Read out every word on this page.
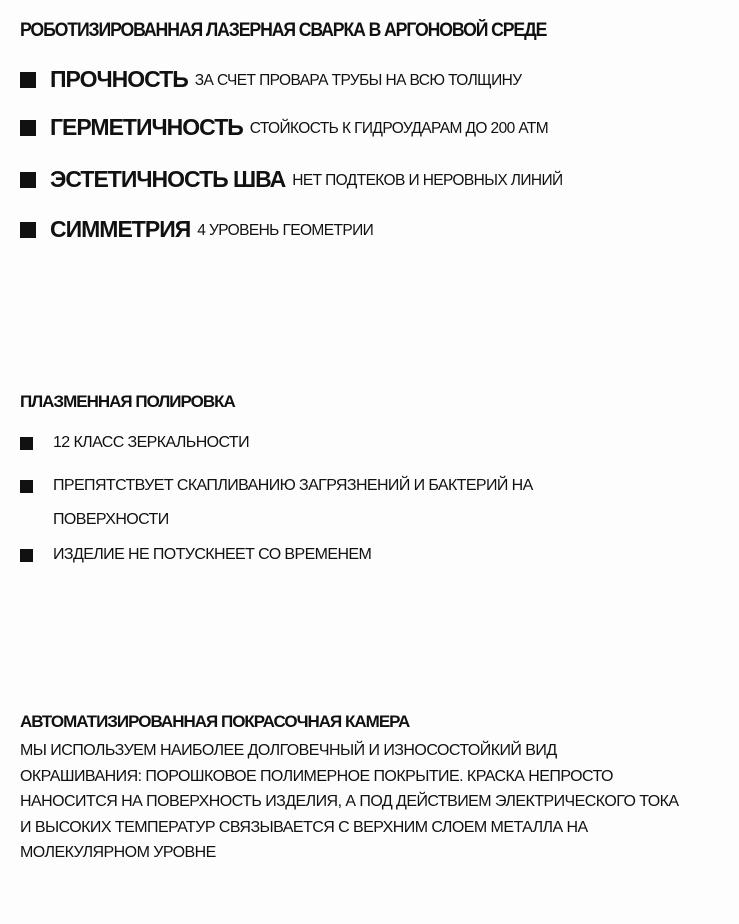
РОБОТИЗИРОВАННАЯ ЛАЗЕРНАЯ СВАРКА В АРГОНОВОЙ СРЕДЕ
ПРОЧНОСТЬ ЗА СЧЕТ ПРОВАРА ТРУБЫ НА ВСЮ ТОЛЩИНУ
ГЕРМЕТИЧНОСТЬ СТОЙКОСТЬ К ГИДРОУДАРАМ ДО 200 АТМ
ЭСТЕТИЧНОСТЬ ШВА НЕТ ПОДТЕКОВ И НЕРОВНЫХ ЛИНИЙ
СИММЕТРИЯ 4 УРОВЕНЬ ГЕОМЕТРИИ
ПЛАЗМЕННАЯ ПОЛИРОВКА
12 КЛАСС ЗЕРКАЛЬНОСТИ
ПРЕПЯТСТВУЕТ СКАПЛИВАНИЮ ЗАГРЯЗНЕНИЙ И БАКТЕРИЙ НА ПОВЕРХНОСТИ
ИЗДЕЛИЕ НЕ ПОТУСКНЕЕТ СО ВРЕМЕНЕМ
АВТОМАТИЗИРОВАННАЯ ПОКРАСОЧНАЯ КАМЕРА
МЫ ИСПОЛЬЗУЕМ НАИБОЛЕЕ ДОЛГОВЕЧНЫЙ И ИЗНОСОСТОЙКИЙ ВИД ОКРАШИВАНИЯ: ПОРОШКОВОЕ ПОЛИМЕРНОЕ ПОКРЫТИЕ. КРАСКА НЕПРОСТО НАНОСИТСЯ НА ПОВЕРХНОСТЬ ИЗДЕЛИЯ, А ПОД ДЕЙСТВИЕМ ЭЛЕКТРИЧЕСКОГО ТОКА И ВЫСОКИХ ТЕМПЕРАТУР СВЯЗЫВАЕТСЯ С ВЕРХНИМ СЛОЕМ МЕТАЛЛА НА МОЛЕКУЛЯРНОМ УРОВНЕ
